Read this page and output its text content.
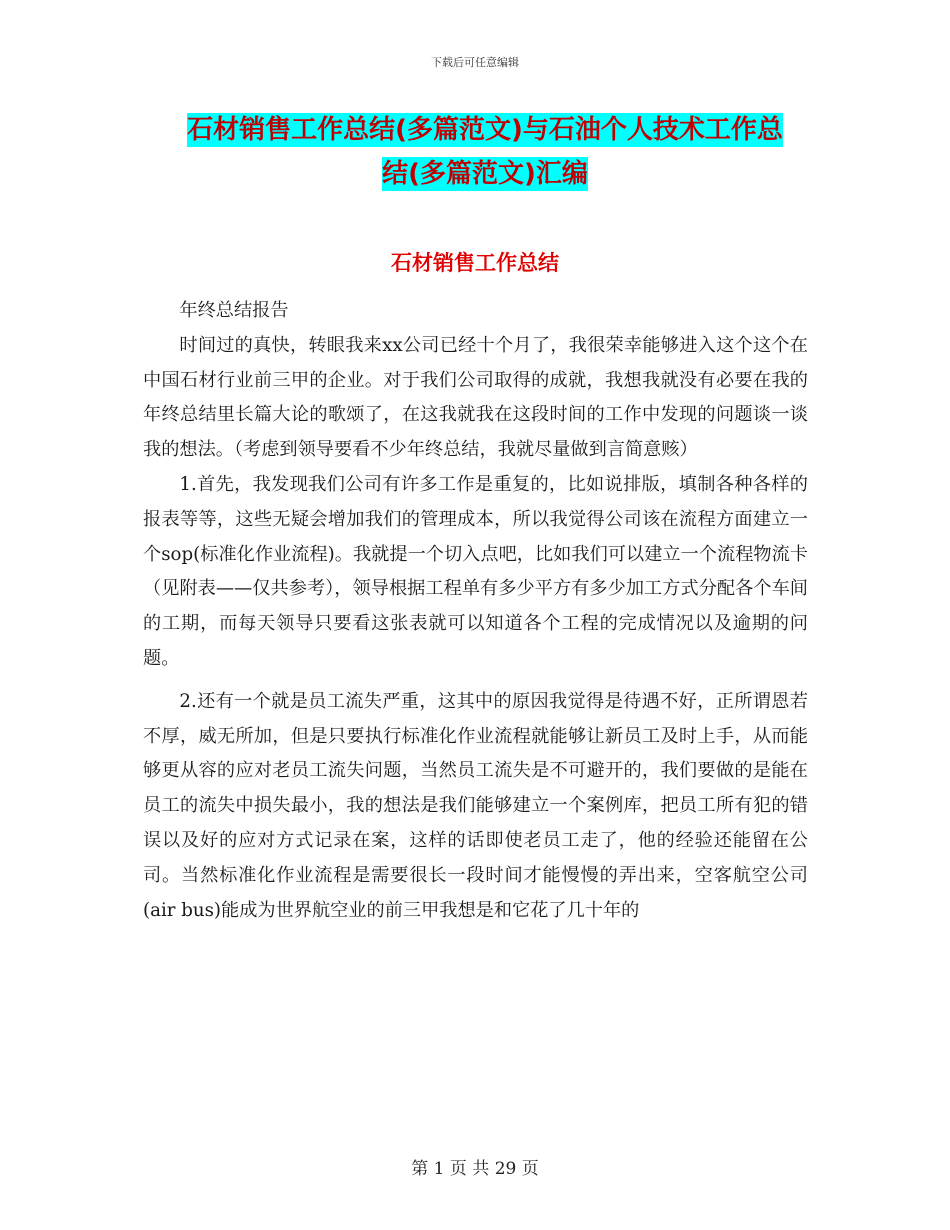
下载后可任意编辑
石材销售工作总结(多篇范文)与石油个人技术工作总
结(多篇范文)汇编
石材销售工作总结

年终总结报告

时间过的真快，转眼我来xx公司已经十个月了，我很荣幸能够进入这个这个在中国石材行业前三甲的企业。对于我们公司取得的成就，我想我就没有必要在我的年终总结里长篇大论的歌颂了，在这我就我在这段时间的工作中发现的问题谈一谈我的想法。（考虑到领导要看不少年终总结，我就尽量做到言简意赅）

1.首先，我发现我们公司有许多工作是重复的，比如说排版，填制各种各样的报表等等，这些无疑会增加我们的管理成本，所以我觉得公司该在流程方面建立一个sop(标准化作业流程)。我就提一个切入点吧，比如我们可以建立一个流程物流卡（见附表——仅共参考），领导根据工程单有多少平方有多少加工方式分配各个车间的工期，而每天领导只要看这张表就可以知道各个工程的完成情况以及逾期的问题。

2.还有一个就是员工流失严重，这其中的原因我觉得是待遇不好，正所谓恩若不厚，威无所加，但是只要执行标准化作业流程就能够让新员工及时上手，从而能够更从容的应对老员工流失问题，当然员工流失是不可避开的，我们要做的是能在员工的流失中损失最小，我的想法是我们能够建立一个案例库，把员工所有犯的错误以及好的应对方式记录在案，这样的话即使老员工走了，他的经验还能留在公司。当然标准化作业流程是需要很长一段时间才能慢慢的弄出来，空客航空公司(air bus)能成为世界航空业的前三甲我想是和它花了几十年的

第 1 页 共 29 页
